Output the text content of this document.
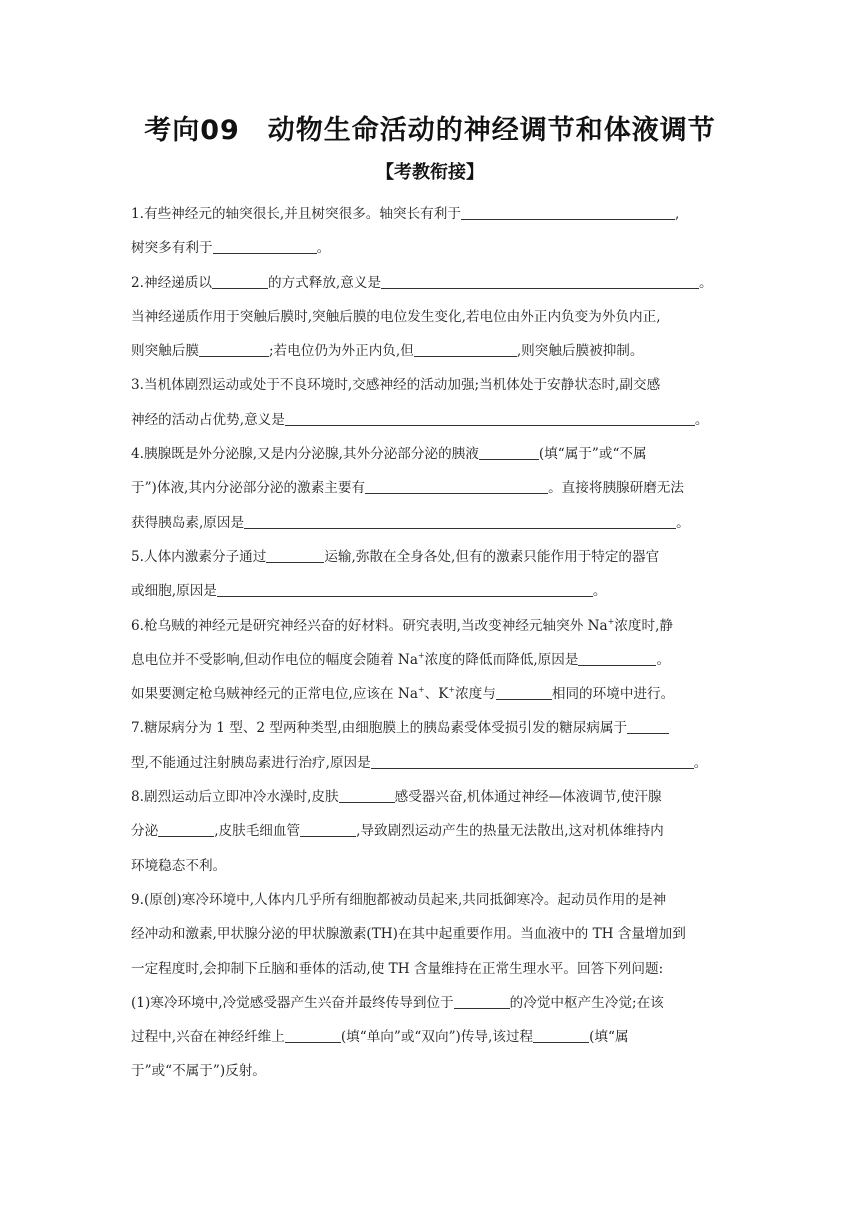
考向09　动物生命活动的神经调节和体液调节
【考教衔接】
1.有些神经元的轴突很长,并且树突很多。轴突长有利于	,
树突多有利于	。
2.神经递质以	的方式释放,意义是	。
当神经递质作用于突触后膜时,突触后膜的电位发生变化,若电位由外正内负变为外负内正,
则突触后膜	;若电位仍为外正内负,但	,则突触后膜被抑制。
3.当机体剧烈运动或处于不良环境时,交感神经的活动加强;当机体处于安静状态时,副交感
神经的活动占优势,意义是	。
4.胰腺既是外分泌腺,又是内分泌腺,其外分泌部分泌的胰液	(填“属于”或“不属
于”)体液,其内分泌部分泌的激素主要有	。直接将胰腺研磨无法
获得胰岛素,原因是	。
5.人体内激素分子通过	运输,弥散在全身各处,但有的激素只能作用于特定的器官
或细胞,原因是	。
6.枪乌贼的神经元是研究神经兴奋的好材料。研究表明,当改变神经元轴突外 Na+浓度时,静
息电位并不受影响,但动作电位的幅度会随着 Na+浓度的降低而降低,原因是	。
如果要测定枪乌贼神经元的正常电位,应该在 Na+、K+浓度与	相同的环境中进行。
7.糖尿病分为 1 型、2 型两种类型,由细胞膜上的胰岛素受体受损引发的糖尿病属于
型,不能通过注射胰岛素进行治疗,原因是	。
8.剧烈运动后立即冲冷水澡时,皮肤	感受器兴奋,机体通过神经—体液调节,使汗腺
分泌	,皮肤毛细血管	,导致剧烈运动产生的热量无法散出,这对机体维持内
环境稳态不利。
9.(原创)寒冷环境中,人体内几乎所有细胞都被动员起来,共同抵御寒冷。起动员作用的是神
经冲动和激素,甲状腺分泌的甲状腺激素(TH)在其中起重要作用。当血液中的 TH 含量增加到
一定程度时,会抑制下丘脑和垂体的活动,使 TH 含量维持在正常生理水平。回答下列问题:
(1)寒冷环境中,冷觉感受器产生兴奋并最终传导到位于	的冷觉中枢产生冷觉;在该
过程中,兴奋在神经纤维上	(填“单向”或“双向”)传导,该过程	(填“属
于”或“不属于”)反射。
